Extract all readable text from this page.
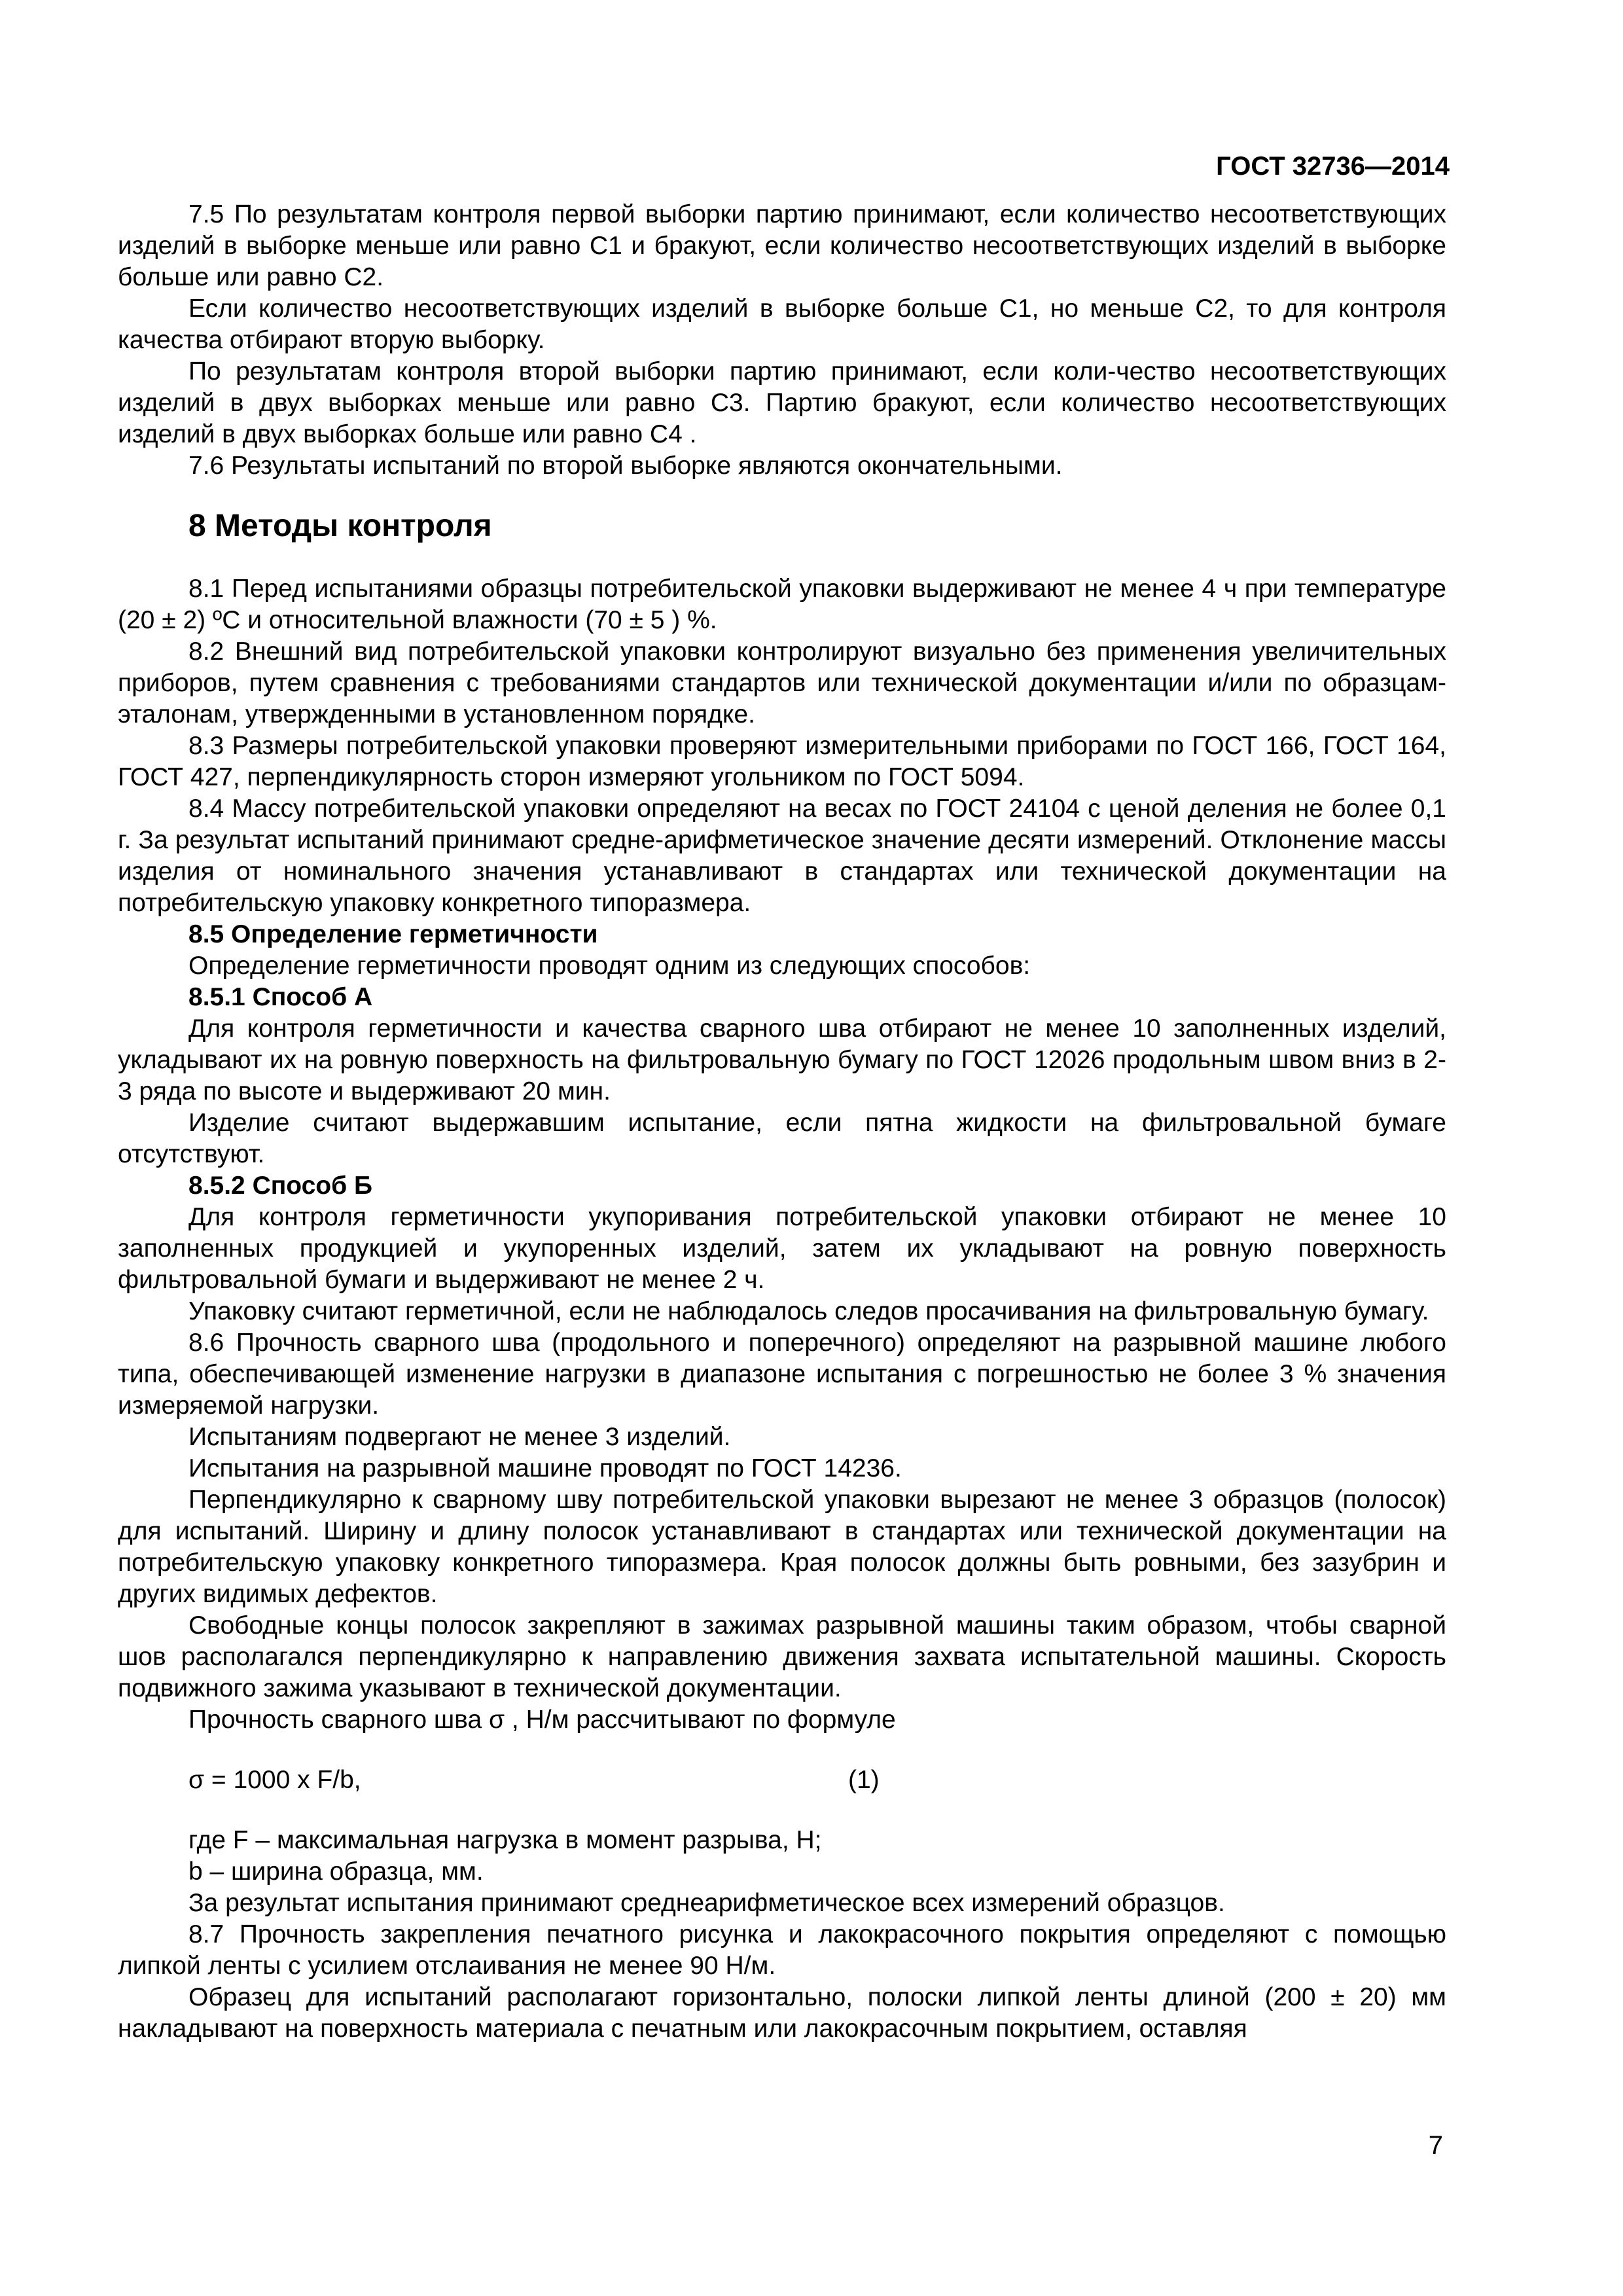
ГОСТ 32736—2014

7.5 По результатам контроля первой выборки партию принимают, если количество несоответствующих изделий в выборке меньше или равно С1 и бракуют, если количество несоответствующих изделий в выборке больше или равно С2.

Если количество несоответствующих изделий в выборке больше С1, но меньше С2, то для контроля качества отбирают вторую выборку.

По результатам контроля второй выборки партию принимают, если коли-чество несоответствующих изделий в двух выборках меньше или равно С3. Партию бракуют, если количество несоответствующих изделий в двух выборках больше или равно С4 .

7.6 Результаты испытаний по второй выборке являются окончательными.

8 Методы контроля

8.1 Перед испытаниями образцы потребительской упаковки выдерживают не менее 4 ч при температуре (20 ± 2) ºС и относительной влажности (70 ± 5 ) %.

8.2 Внешний вид потребительской упаковки контролируют визуально без применения увеличительных приборов, путем сравнения с требованиями стандартов или технической документации и/или по образцам-эталонам, утвержденными в установленном порядке.

8.3 Размеры потребительской упаковки проверяют измерительными приборами по ГОСТ 166, ГОСТ 164, ГОСТ 427, перпендикулярность сторон измеряют угольником по ГОСТ 5094.

8.4 Массу потребительской упаковки определяют на весах по ГОСТ 24104 с ценой деления не более 0,1 г. За результат испытаний принимают средне-арифметическое значение десяти измерений. Отклонение массы изделия от номинального значения устанавливают в стандартах или технической документации на потребительскую упаковку конкретного типоразмера.

8.5 Определение герметичности

Определение герметичности проводят одним из следующих способов:

8.5.1 Способ А

Для контроля герметичности и качества сварного шва отбирают не менее 10 заполненных изделий, укладывают их на ровную поверхность на фильтровальную бумагу по ГОСТ 12026 продольным швом вниз в 2-3 ряда по высоте и выдерживают 20 мин.

Изделие считают выдержавшим испытание, если пятна жидкости на фильтровальной бумаге отсутствуют.

8.5.2 Способ Б

Для контроля герметичности укупоривания потребительской упаковки отбирают не менее 10 заполненных продукцией и укупоренных изделий, затем их укладывают на ровную поверхность фильтровальной бумаги и выдерживают не менее 2 ч.

Упаковку считают герметичной, если не наблюдалось следов просачивания на фильтровальную бумагу.

8.6 Прочность сварного шва (продольного и поперечного) определяют на разрывной машине любого типа, обеспечивающей изменение нагрузки в диапазоне испытания с погрешностью не более 3 % значения измеряемой нагрузки.

Испытаниям подвергают не менее 3 изделий.

Испытания на разрывной машине проводят по ГОСТ 14236.

Перпендикулярно к сварному шву потребительской упаковки вырезают не менее 3 образцов (полосок) для испытаний. Ширину и длину полосок устанавливают в стандартах или технической документации на потребительскую упаковку конкретного типоразмера. Края полосок должны быть ровными, без зазубрин и других видимых дефектов.

Свободные концы полосок закрепляют в зажимах разрывной машины таким образом, чтобы сварной шов располагался перпендикулярно к направлению движения захвата испытательной машины. Скорость подвижного зажима указывают в технической документации.

Прочность сварного шва σ , Н/м рассчитывают по формуле

σ = 1000 х F/b,	(1)

где F – максимальная нагрузка в момент разрыва, Н;

b – ширина образца, мм.

За результат испытания принимают среднеарифметическое всех измерений образцов.

8.7 Прочность закрепления печатного рисунка и лакокрасочного покрытия определяют с помощью липкой ленты с усилием отслаивания не менее 90 Н/м.

Образец для испытаний располагают горизонтально, полоски липкой ленты длиной (200 ± 20) мм накладывают на поверхность материала с печатным или лакокрасочным покрытием, оставляя

7
